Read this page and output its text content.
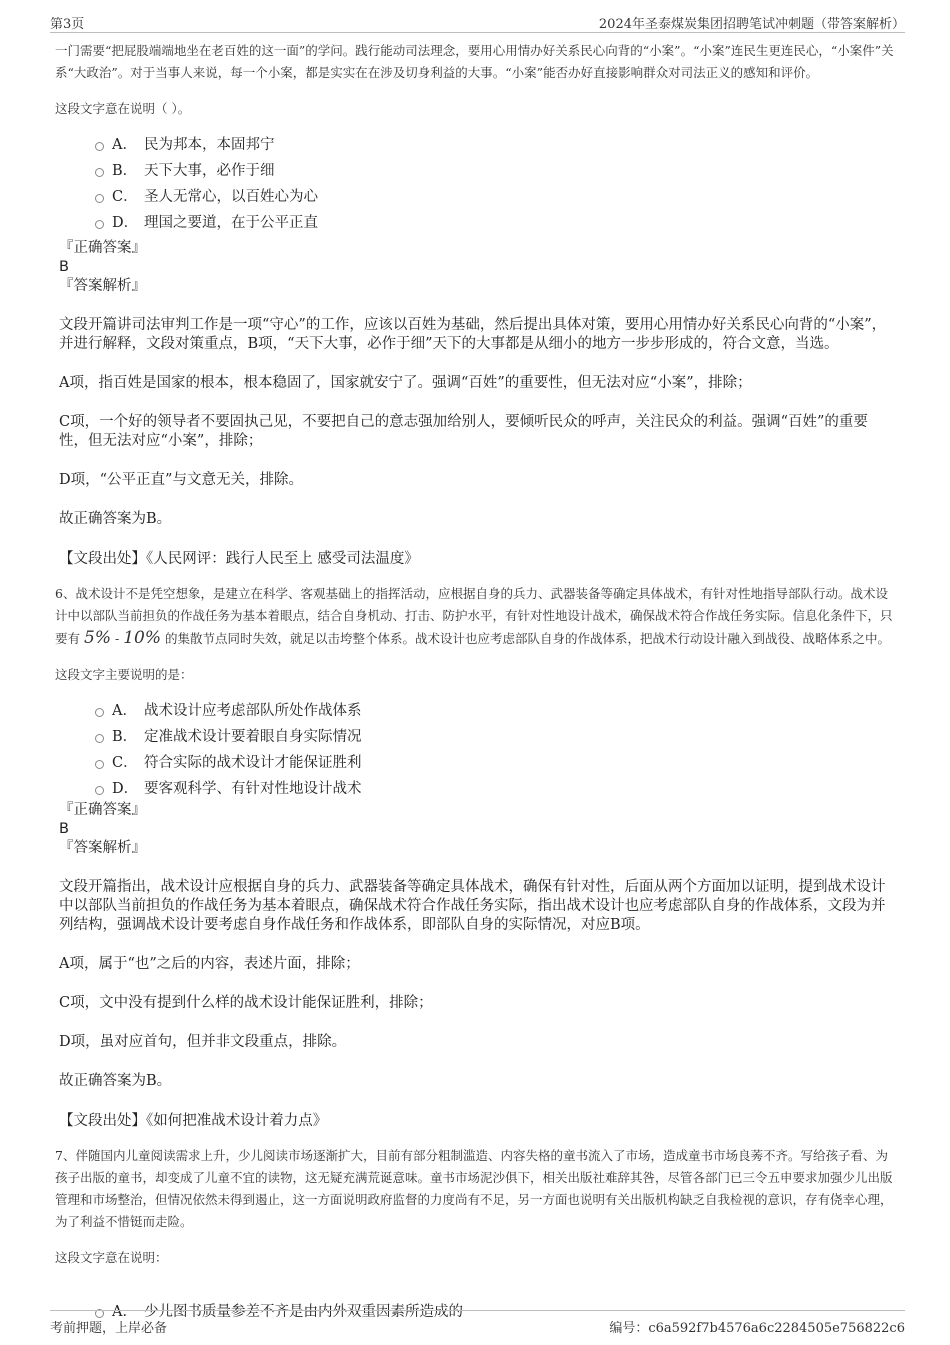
第3页	2024年圣泰煤炭集团招聘笔试冲刺题（带答案解析）

一门需要“把屁股端端地坐在老百姓的这一面”的学问。践行能动司法理念，要用心用情办好关系民心向背的“小案”。“小案”连民生更连民心，“小案件”关系“大政治”。对于当事人来说，每一个小案，都是实实在在涉及切身利益的大事。“小案”能否办好直接影响群众对司法正义的感知和评价。

这段文字意在说明（ ）。

A． 民为邦本，本固邦宁
B． 天下大事，必作于细
C． 圣人无常心，以百姓心为心
D． 理国之要道，在于公平正直

『正确答案』

B

『答案解析』

文段开篇讲司法审判工作是一项“守心”的工作，应该以百姓为基础，然后提出具体对策，要用心用情办好关系民心向背的“小案”，并进行解释，文段对策重点，B项，“天下大事，必作于细”天下的大事都是从细小的地方一步步形成的，符合文意，当选。

A项，指百姓是国家的根本，根本稳固了，国家就安宁了。强调“百姓”的重要性，但无法对应“小案”，排除；

C项，一个好的领导者不要固执己见，不要把自己的意志强加给别人，要倾听民众的呼声，关注民众的利益。强调“百姓”的重要性，但无法对应“小案”，排除；

D项，“公平正直”与文意无关，排除。

故正确答案为B。

【文段出处】《人民网评：践行人民至上 感受司法温度》

6、战术设计不是凭空想象，是建立在科学、客观基础上的指挥活动，应根据自身的兵力、武器装备等确定具体战术，有针对性地指导部队行动。战术设计中以部队当前担负的作战任务为基本着眼点，结合自身机动、打击、防护水平，有针对性地设计战术，确保战术符合作战任务实际。信息化条件下，只要有 5% - 10% 的集散节点同时失效，就足以击垮整个体系。战术设计也应考虑部队自身的作战体系，把战术行动设计融入到战役、战略体系之中。

这段文字主要说明的是：

A． 战术设计应考虑部队所处作战体系
B． 定准战术设计要着眼自身实际情况
C． 符合实际的战术设计才能保证胜利
D． 要客观科学、有针对性地设计战术

『正确答案』

B

『答案解析』

文段开篇指出，战术设计应根据自身的兵力、武器装备等确定具体战术，确保有针对性，后面从两个方面加以证明，提到战术设计中以部队当前担负的作战任务为基本着眼点，确保战术符合作战任务实际，指出战术设计也应考虑部队自身的作战体系，文段为并列结构，强调战术设计要考虑自身作战任务和作战体系，即部队自身的实际情况，对应B项。

A项，属于“也”之后的内容，表述片面，排除；

C项，文中没有提到什么样的战术设计能保证胜利，排除；

D项，虽对应首句，但并非文段重点，排除。

故正确答案为B。

【文段出处】《如何把准战术设计着力点》

7、伴随国内儿童阅读需求上升，少儿阅读市场逐渐扩大，目前有部分粗制滥造、内容失格的童书流入了市场，造成童书市场良莠不齐。写给孩子看、为孩子出版的童书，却变成了儿童不宜的读物，这无疑充满荒诞意味。童书市场泥沙俱下，相关出版社难辞其咎，尽管各部门已三令五申要求加强少儿出版管理和市场整治，但情况依然未得到遏止，这一方面说明政府监督的力度尚有不足，另一方面也说明有关出版机构缺乏自我检视的意识，存有侥幸心理，为了利益不惜铤而走险。

这段文字意在说明：

A． 少儿图书质量参差不齐是由内外双重因素所造成的
考前押题，上岸必备	编号：c6a592f7b4576a6c2284505e756822c6
